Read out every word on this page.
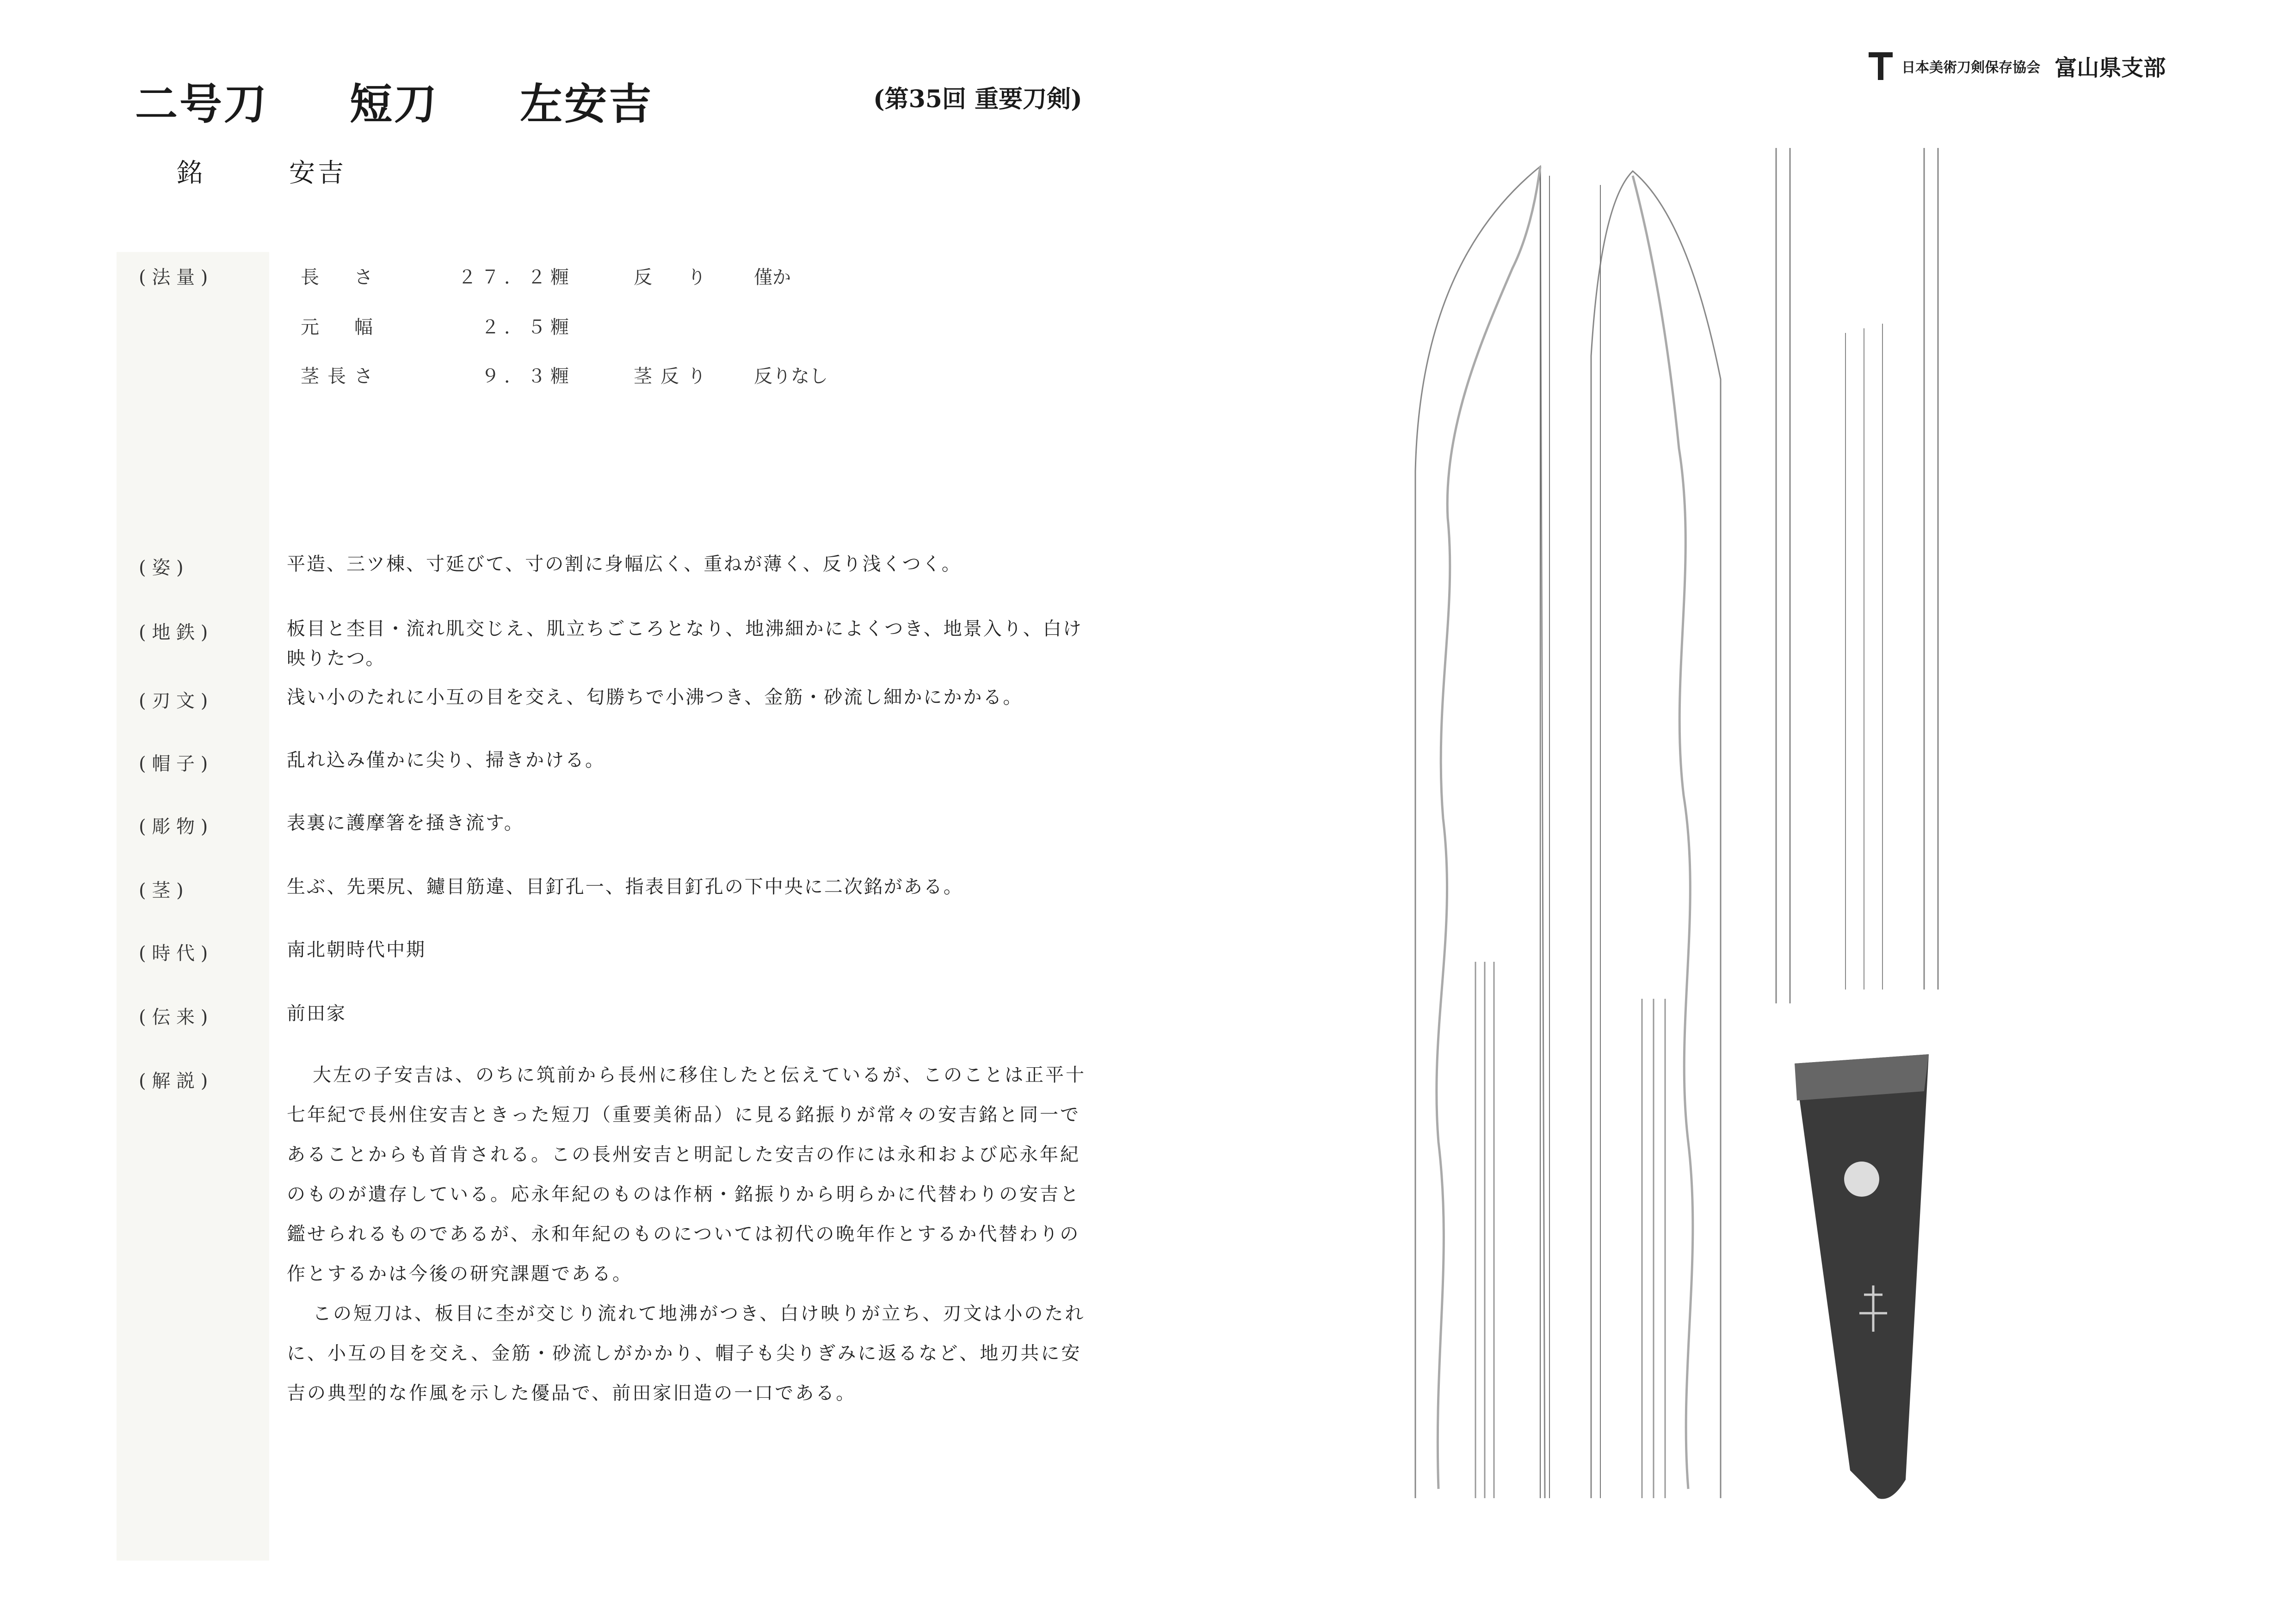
二号刀 短刀 左安吉	(第35回 重要刀剣)
銘	安吉
日本美術刀剣保存協会 富山県支部
( 法 量 )	長　さ	２７．２糎	反　り 僅か
元　幅	２．５糎
茎長さ	９．３糎	茎反り 反りなし
( 姿 )	平造、三ツ棟、寸延びて、寸の割に身幅広く、重ねが薄く、反り浅くつく。
( 地 鉄 )	板目と杢目・流れ肌交じえ、肌立ちごころとなり、地沸細かによくつき、地景入り、白け映りたつ。
( 刃 文 )	浅い小のたれに小互の目を交え、匂勝ちで小沸つき、金筋・砂流し細かにかかる。
( 帽 子 )	乱れ込み僅かに尖り、掃きかける。
( 彫 物 )	表裏に護摩箸を掻き流す。
( 茎 )	生ぶ、先栗尻、鑢目筋違、目釘孔一、指表目釘孔の下中央に二次銘がある。
( 時 代 )	南北朝時代中期
( 伝 来 )	前田家
( 解 説 )	大左の子安吉は、のちに筑前から長州に移住したと伝えているが、このことは正平十七年紀で長州住安吉ときった短刀（重要美術品）に見る銘振りが常々の安吉銘と同一であることからも首肯される。この長州安吉と明記した安吉の作には永和および応永年紀のものが遺存している。応永年紀のものは作柄・銘振りから明らかに代替わりの安吉と鑑せられるものであるが、永和年紀のものについては初代の晩年作とするか代替わりの作とするかは今後の研究課題である。

この短刀は、板目に杢が交じり流れて地沸がつき、白け映りが立ち、刃文は小のたれに、小互の目を交え、金筋・砂流しがかかり、帽子も尖りぎみに返るなど、地刃共に安吉の典型的な作風を示した優品で、前田家旧造の一口である。
